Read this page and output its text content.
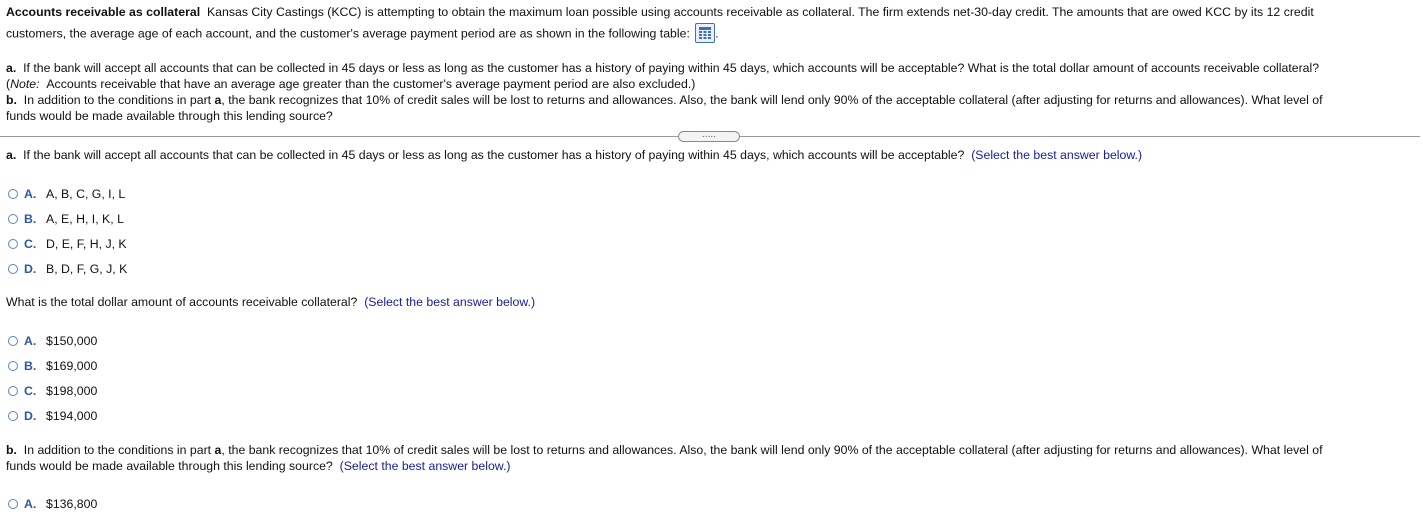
Accounts receivable as collateral Kansas City Castings (KCC) is attempting to obtain the maximum loan possible using accounts receivable as collateral. The firm extends net-30-day credit. The amounts that are owed KCC by its 12 credit
customers, the average age of each account, and the customer's average payment period are as shown in the following table: .
a. If the bank will accept all accounts that can be collected in 45 days or less as long as the customer has a history of paying within 45 days, which accounts will be acceptable? What is the total dollar amount of accounts receivable collateral?
(Note: Accounts receivable that have an average age greater than the customer's average payment period are also excluded.)
b. In addition to the conditions in part a, the bank recognizes that 10% of credit sales will be lost to returns and allowances. Also, the bank will lend only 90% of the acceptable collateral (after adjusting for returns and allowances). What level of
funds would be made available through this lending source?
.....
a. If the bank will accept all accounts that can be collected in 45 days or less as long as the customer has a history of paying within 45 days, which accounts will be acceptable? (Select the best answer below.)
A. A, B, C, G, I, L
B. A, E, H, I, K, L
C. D, E, F, H, J, K
D. B, D, F, G, J, K
What is the total dollar amount of accounts receivable collateral? (Select the best answer below.)
A. $150,000
B. $169,000
C. $198,000
D. $194,000
b. In addition to the conditions in part a, the bank recognizes that 10% of credit sales will be lost to returns and allowances. Also, the bank will lend only 90% of the acceptable collateral (after adjusting for returns and allowances). What level of
funds would be made available through this lending source? (Select the best answer below.)
A. $136,800
